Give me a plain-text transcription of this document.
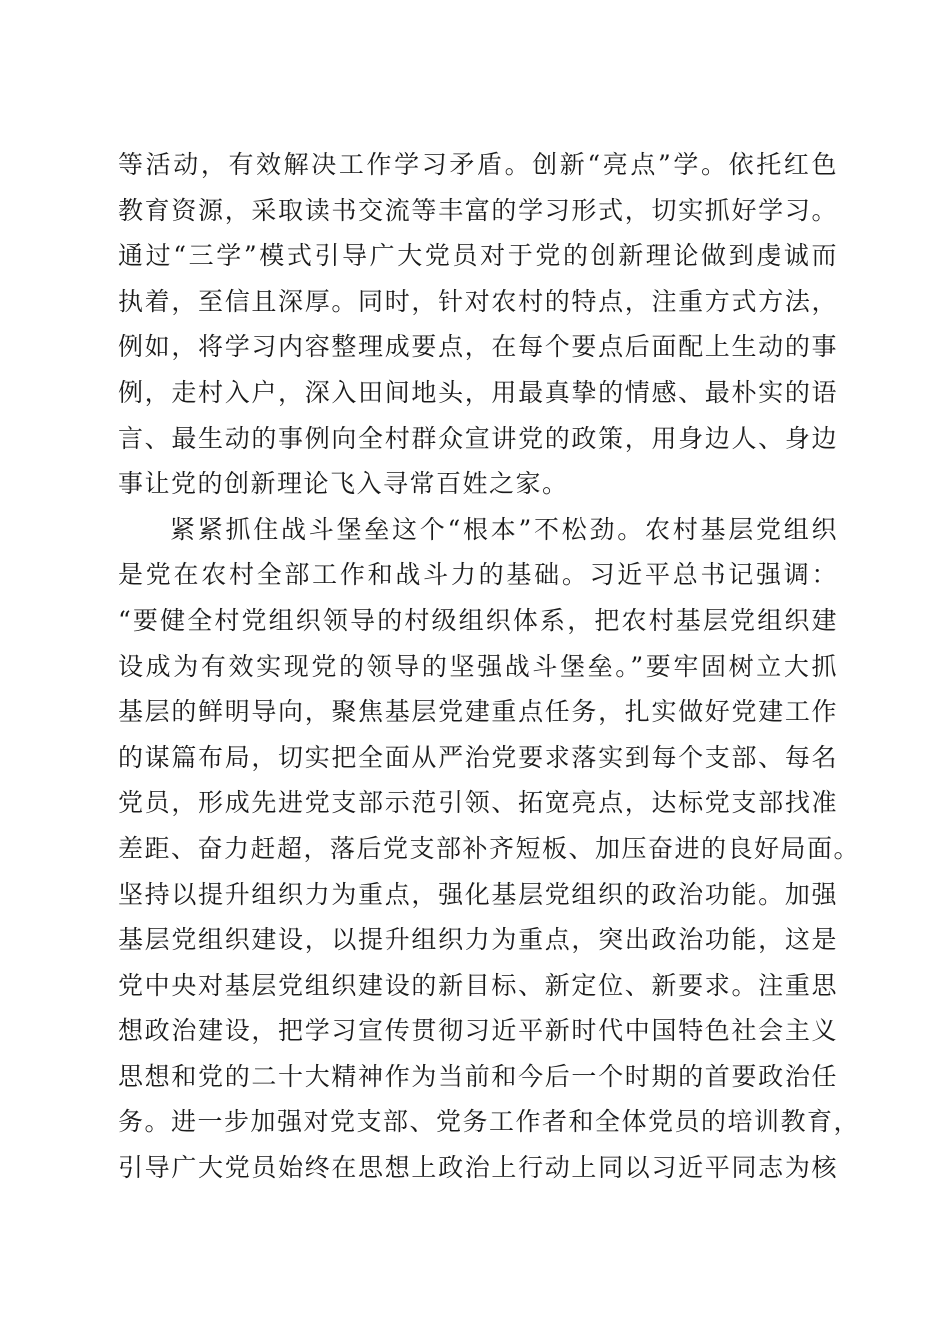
等活动，有效解决工作学习矛盾。创新“亮点”学。依托红色
教育资源，采取读书交流等丰富的学习形式，切实抓好学习。
通过“三学”模式引导广大党员对于党的创新理论做到虔诚而
执着，至信且深厚。同时，针对农村的特点，注重方式方法，
例如，将学习内容整理成要点，在每个要点后面配上生动的事
例，走村入户，深入田间地头，用最真挚的情感、最朴实的语
言、最生动的事例向全村群众宣讲党的政策，用身边人、身边
事让党的创新理论飞入寻常百姓之家。
紧紧抓住战斗堡垒这个“根本”不松劲。农村基层党组织
是党在农村全部工作和战斗力的基础。习近平总书记强调：
“要健全村党组织领导的村级组织体系，把农村基层党组织建
设成为有效实现党的领导的坚强战斗堡垒。”要牢固树立大抓
基层的鲜明导向，聚焦基层党建重点任务，扎实做好党建工作
的谋篇布局，切实把全面从严治党要求落实到每个支部、每名
党员，形成先进党支部示范引领、拓宽亮点，达标党支部找准
差距、奋力赶超，落后党支部补齐短板、加压奋进的良好局面。
坚持以提升组织力为重点，强化基层党组织的政治功能。加强
基层党组织建设，以提升组织力为重点，突出政治功能，这是
党中央对基层党组织建设的新目标、新定位、新要求。注重思
想政治建设，把学习宣传贯彻习近平新时代中国特色社会主义
思想和党的二十大精神作为当前和今后一个时期的首要政治任
务。进一步加强对党支部、党务工作者和全体党员的培训教育，
引导广大党员始终在思想上政治上行动上同以习近平同志为核
